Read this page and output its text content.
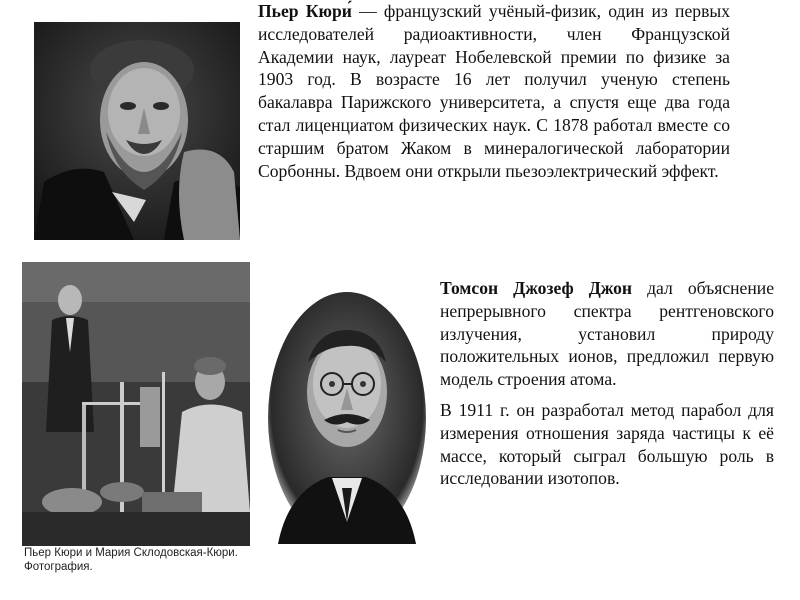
Пьер Кюри́ — французский учёный-физик, один из первых исследователей радиоактивности, член Французской Академии наук, лауреат Нобелевской премии по физике за 1903 год. В возрасте 16 лет получил ученую степень бакалавра Парижского университета, а спустя еще два года стал лиценциатом физических наук. С 1878 работал вместе со старшим братом Жаком в минералогической лаборатории Сорбонны. Вдвоем они открыли пьезоэлектрический эффект.

Томсон Джозеф Джон дал объяснение непрерывного спектра рентгеновского излучения, установил природу положительных ионов, предложил первую модель строения атома.

В 1911 г. он разработал метод парабол для измерения отношения заряда частицы к её массе, который сыграл большую роль в исследовании изотопов.

Пьер Кюри и Мария Склодовская-Кюри. Фотография.
